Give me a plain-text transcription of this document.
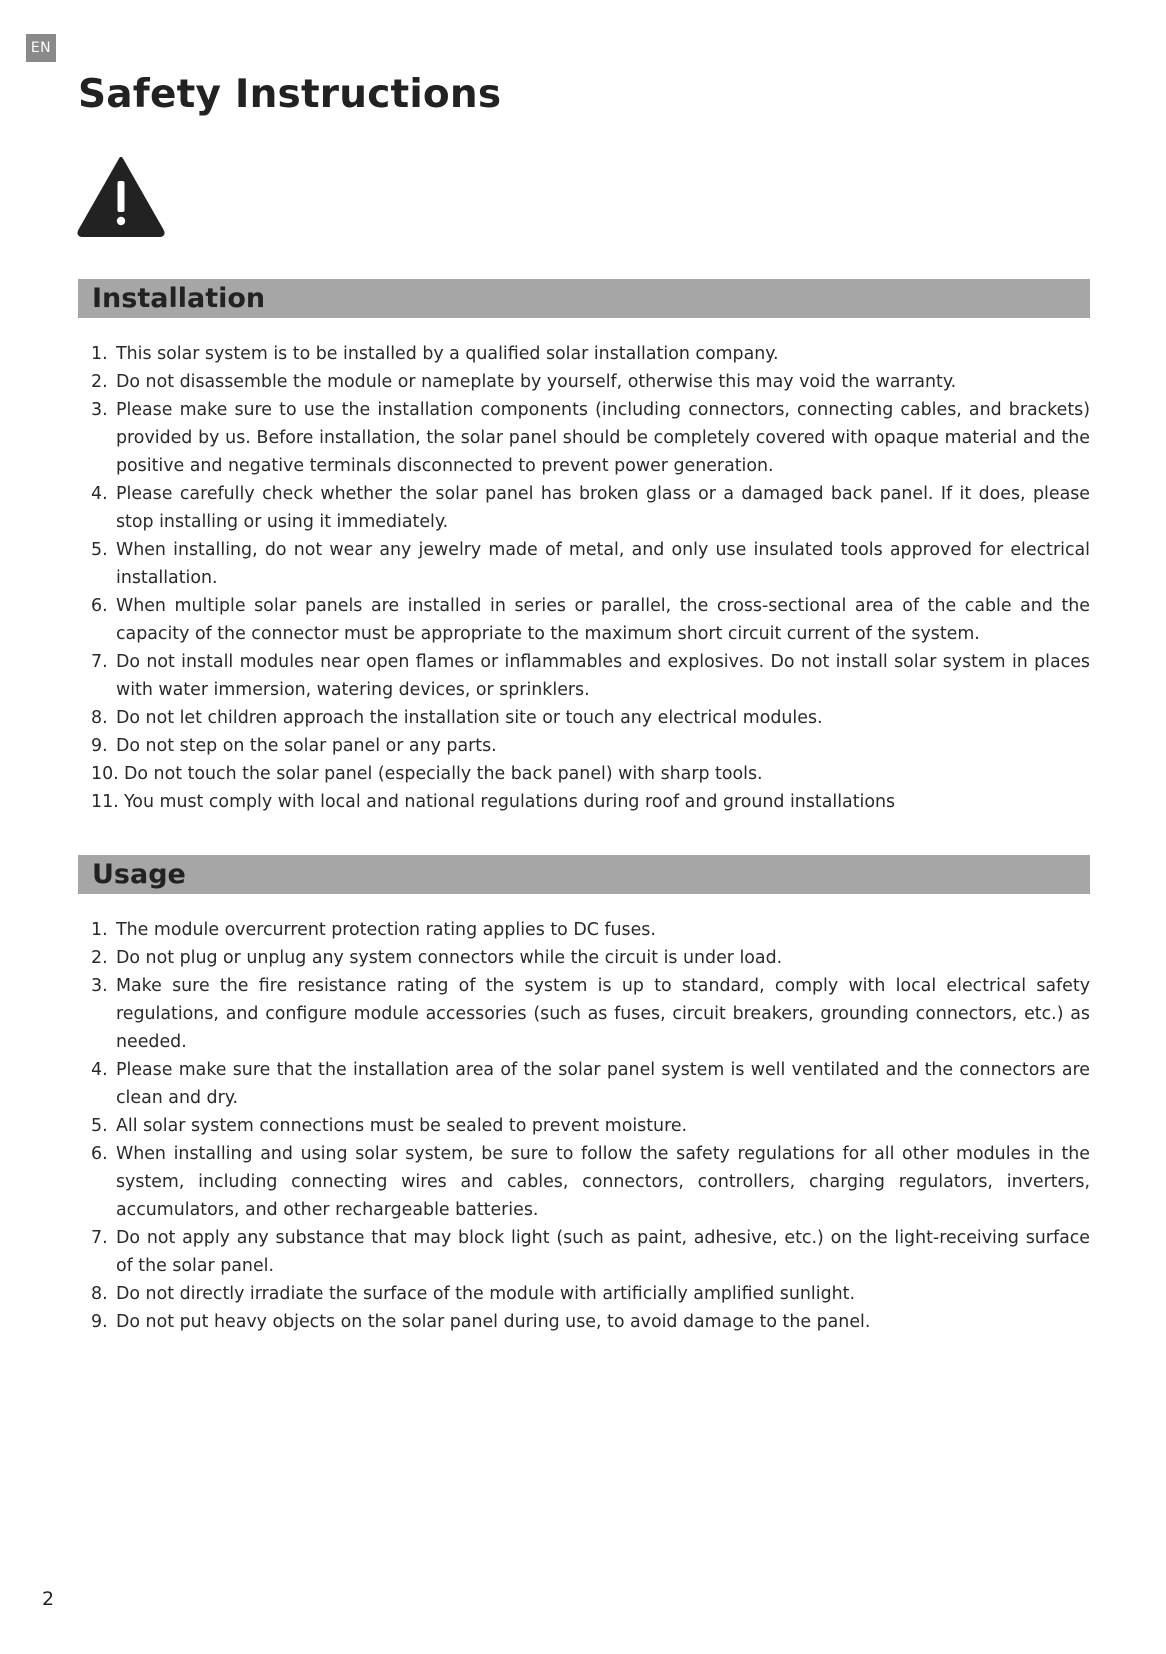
EN
Safety Instructions
Installation
1. This solar system is to be installed by a qualified solar installation company.
2. Do not disassemble the module or nameplate by yourself, otherwise this may void the warranty.
3. Please make sure to use the installation components (including connectors, connecting cables, and brackets) provided by us. Before installation, the solar panel should be completely covered with opaque material and the positive and negative terminals disconnected to prevent power generation.
4. Please carefully check whether the solar panel has broken glass or a damaged back panel. If it does, please stop installing or using it immediately.
5. When installing, do not wear any jewelry made of metal, and only use insulated tools approved for electrical installation.
6. When multiple solar panels are installed in series or parallel, the cross-sectional area of the cable and the capacity of the connector must be appropriate to the maximum short circuit current of the system.
7. Do not install modules near open flames or inflammables and explosives. Do not install solar system in places with water immersion, watering devices, or sprinklers.
8. Do not let children approach the installation site or touch any electrical modules.
9. Do not step on the solar panel or any parts.
10. Do not touch the solar panel (especially the back panel) with sharp tools.
11. You must comply with local and national regulations during roof and ground installations
Usage
1. The module overcurrent protection rating applies to DC fuses.
2. Do not plug or unplug any system connectors while the circuit is under load.
3. Make sure the fire resistance rating of the system is up to standard, comply with local electrical safety regulations, and configure module accessories (such as fuses, circuit breakers, grounding connectors, etc.) as needed.
4. Please make sure that the installation area of the solar panel system is well ventilated and the connectors are clean and dry.
5. All solar system connections must be sealed to prevent moisture.
6. When installing and using solar system, be sure to follow the safety regulations for all other modules in the system, including connecting wires and cables, connectors, controllers, charging regulators, inverters, accumulators, and other rechargeable batteries.
7. Do not apply any substance that may block light (such as paint, adhesive, etc.) on the light-receiving surface of the solar panel.
8. Do not directly irradiate the surface of the module with artificially amplified sunlight.
9. Do not put heavy objects on the solar panel during use, to avoid damage to the panel.
2
